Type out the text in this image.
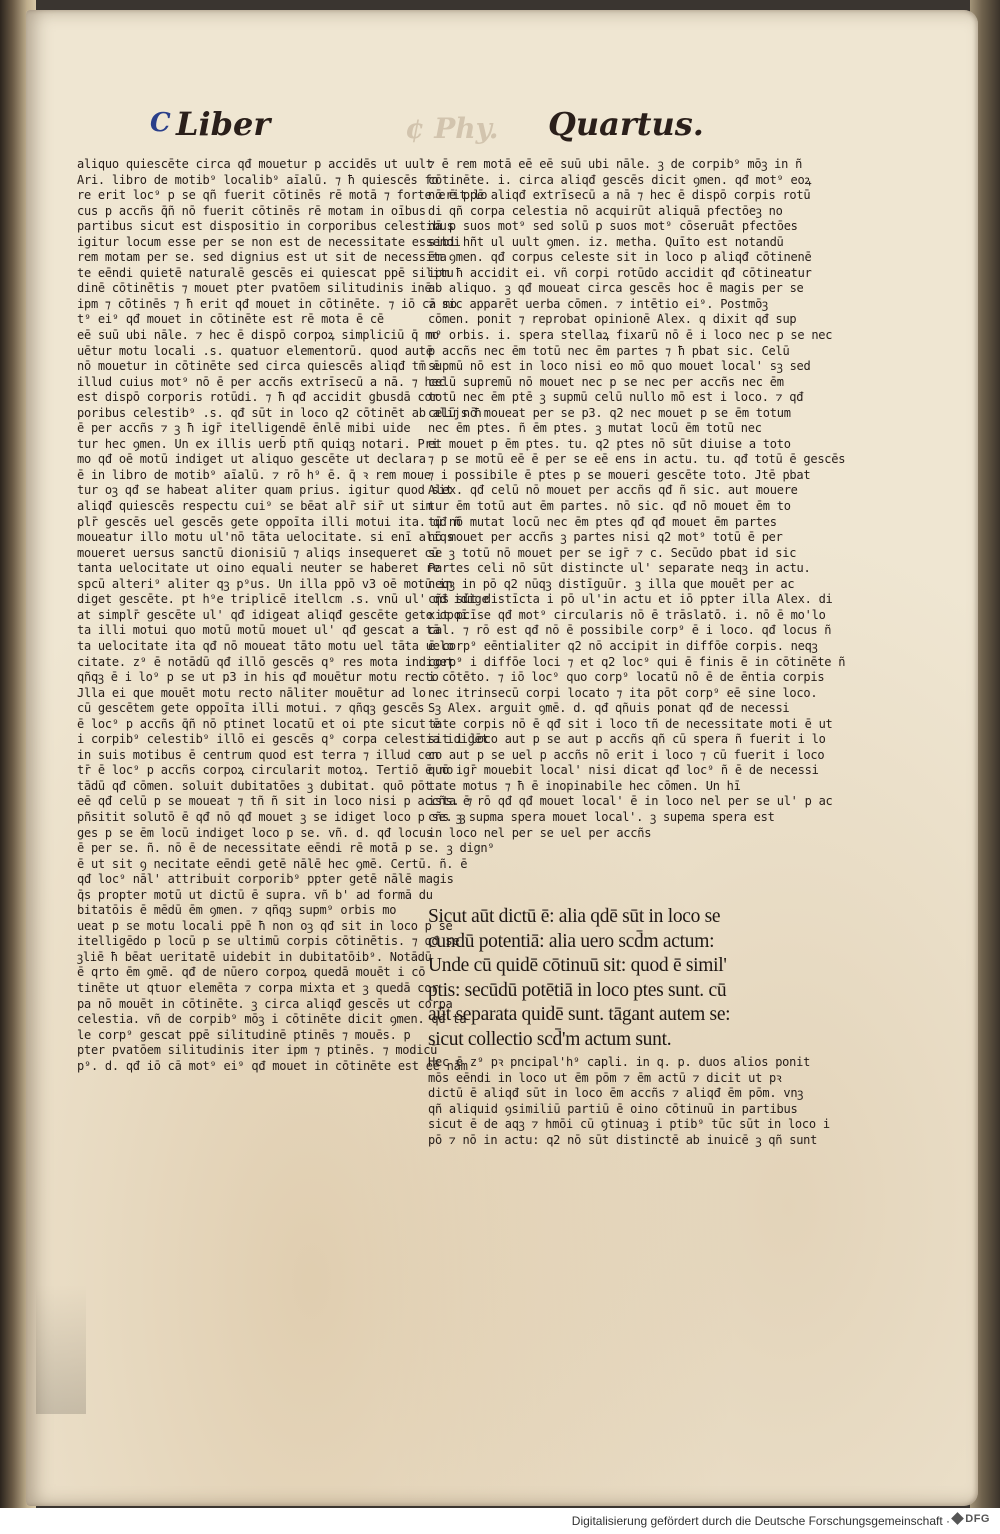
C Liber	¢ Phy. Quartus.
aliquo quiescēte circa qđ mouetur p accidēs ut uult
Ari. libro de motib⁹ localib⁹ aīalū. ⁊ ħ quiescēs fo
re erit loc⁹ p se qñ fuerit cōtinēs rē motā ⁊ forte erit lo
cus p accñs q̄ñ nō fuerit cōtinēs rē motam in oībus
partibus sicut est dispositio in corporibus celestibus
igitur locum esse per se non est de necessitate essendi
rem motam per se. sed dignius est ut sit de necessita
te eēndi quietē naturalē gescēs ei quiescat ppē silitu
dinē cōtinētis ⁊ mouet pter pvatōem silitudinis inē
ipm ⁊ cōtinēs ⁊ ħ erit qđ mouet in cōtinēte. ⁊ iō cā mo
t⁹ ei⁹ qđ mouet in cōtinēte est rē mota ē cē
eē suū ubi nāle. ⁊ hec ē dispō corpoꝝ simpliciū q̄ mo
uētur motu locali .s. quatuor elementorū. quod autē
nō mouetur in cōtinēte sed circa quiescēs aliqđ tm̄ ē
illud cuius mot⁹ nō ē per accñs extrīsecū a nā. ⁊ hec
est dispō corporis rotūdi. ⁊ ħ qđ accidit gbusdā cor
poribus celestib⁹ .s. qđ sūt in loco q2 cōtinēt ab alijs ħ
ē per accñs ⁊ ꝫ ħ igr̄ itelligendē ēnlē mibi uide
tur hec ꝯmen. Un ex illis uerb̄ ptñ quiqꝫ notari. Pri
mo qđ oē motū indiget ut aliquo gescēte ut declara
ē in libro de motib⁹ aīalū. ⁊ rō h⁹ ē. q̄ ꝛ rem moue
tur oꝫ qđ se habeat aliter quam prius. igitur quod sit
aliqđ quiescēs respectu cui⁹ se bēat alr̄ sir̄ ut sim
plr̄ gescēs uel gescēs gete oppoīta illi motui ita. qđ ñ
moueatur illo motu ul'nō tāta uelocitate. si enī aliqs
moueret uersus sanctū dionisiū ⁊ aliqs insequeret cū
tanta uelocitate ut oino equali neuter se haberet re
spcū alteri⁹ aliter qꝫ p⁹us. Un illa ppō v3 oē motū in
diget gescēte. pt h⁹e triplicē itellcm .s. vnū ul' qđ idige
at simplr̄ gescēte ul' qđ idigeat aliqđ gescēte gete opoī
ta illi motui quo motū motū mouet ul' qđ gescat a tā
ta uelocitate ita qđ nō moueat tāto motu uel tāta uelo
citate. z⁹ ē notādū qđ illō gescēs q⁹ res mota indiget
qñqꝫ ē i lo⁹ p se ut p3 in his qđ mouētur motu recto
Jlla ei que mouēt motu recto nāliter mouētur ad lo
cū gescētem gete oppoīta illi motui. ⁊ qñqꝫ gescēs
ē loc⁹ p accñs q̄ñ nō ptinet locatū et oi pte sicut ē
i corpib⁹ celestib⁹ illō ei gescēs q⁹ corpa celestia idigēt
in suis motibus ē centrum quod est terra ⁊ illud cen
tr̄ ē loc⁹ p accñs corpoꝝ circularit motoꝝ. Tertiō ē no
tādū qđ cōmen. soluit dubitatōes ꝫ dubitat. quō pōt
eē qđ celū p se moueat ⁊ tñ ñ sit in loco nisi p accñs. ⁊
pñsitit solutō ē qđ nō qđ mouet ꝫ se idiget loco p se. ꝫ
ges p se ēm locū indiget loco p se. vñ. d. qđ locus
ē per se. ñ. nō ē de necessitate eēndi rē motā p se. ꝫ dign⁹
ē ut sit ꝯ necitate eēndi getē nālē hec ꝯmē. Certū. ñ. ē
qđ loc⁹ nāl' attribuit corporib⁹ ppter getē nālē magis
q̄s propter motū ut dictū ē supra. vñ b' ad formā du
bitatōis ē mēdū ēm ꝯmen. ⁊ qñqꝫ supm⁹ orbis mo
ueat p se motu locali ppē ħ non oꝫ qđ sit in loco p se
itelligēdo p locū p se ultimū corpis cōtinētis. ⁊ qđ se
ꝫliē ħ bēat ueritatē uidebit in dubitatōib⁹. Notādū
ē qrto ēm ꝯmē. qđ de nūero corpoꝝ quedā mouēt i cō
tinēte ut qtuor elemēta ⁊ corpa mixta et ꝫ quedā cor
pa nō mouēt in cōtinēte. ꝫ circa aliqđ gescēs ut corpa
celestia. vñ de corpib⁹ mōꝫ i cōtinēte dicit ꝯmen. qđ ta
le corp⁹ gescat ppē silitudinē ptinēs ⁊ mouēs. p
pter pvatōem silitudinis iter ipm ⁊ ptinēs. ⁊ modicū
p⁹. d. qđ iō cā mot⁹ ei⁹ qđ mouet in cōtinēte est eē nām
⁊ ē rem motā eē eē suū ubi nāle. ꝫ de corpib⁹ mōꝫ in ñ
cōtinēte. i. circa aliqđ gescēs dicit ꝯmen. qđ mot⁹ eoꝝ
nō ē ppē aliqđ extrīsecū a nā ⁊ hec ē dispō corpis rotū
di qñ corpa celestia nō acquirūt aliquā pfectōeꝫ no
nā p suos mot⁹ sed solū p suos mot⁹ cōseruāt pfectōes
sibi hñt ul uult ꝯmen. iz. metha. Quīto est notandū
ēm ꝯmen. qđ corpus celeste sit in loco p aliqđ cōtinenē
ipm ħ accidit ei. vñ corpi rotūdo accidit qđ cōtineatur
ab aliquo. ꝫ qđ moueat circa gescēs hoc ē magis per se
⁊ sic apparēt uerba cōmen. ⁊ intētio ei⁹. Postmōꝫ
cōmen. ponit ⁊ reprobat opinionē Alex. q dixit qđ sup
m⁹ orbis. i. spera stellaꝝ fixarū nō ē i loco nec p se nec
p accñs nec ēm totū nec ēm partes ⁊ ħ pbat sic. Celū
supmū nō est in loco nisi eo mō quo mouet local' sꝫ sed
celū supremū nō mouet nec p se nec per accñs nec ēm
totū nec ēm ptē ꝫ supmū celū nullo mō est i loco. ⁊ qđ
celū nō moueat per se p3. q2 nec mouet p se ēm totum
nec ēm ptes. ñ ēm ptes. ꝫ mutat locū ēm totū nec
et mouet p ēm ptes. tu. q2 ptes nō sūt diuise a toto
⁊ p se motū eē ē per se eē ens in actu. tu. qđ totū ē gescēs
⁊ i possibile ē ptes p se moueri gescēte toto. Jtē pbat
Alex. qđ celū nō mouet per accñs qđ ñ sic. aut mouere
tur ēm totū aut ēm partes. nō sic. qđ nō mouet ēm to
tū nō mutat locū nec ēm ptes qđ qđ mouet ēm partes
nō mouet per accñs ꝫ partes nisi q2 mot⁹ totū ē per
se ꝫ totū nō mouet per se igr̄ ⁊ c. Secūdo pbat id sic
Partes celi nō sūt distincte ul' separate neqꝫ in actu.
neqꝫ in pō q2 nūqꝫ distīguūr. ꝫ illa que mouēt per ac
cñs sūt distīcta i pō ul'in actu et iō ppter illa Alex. di
xit pcīse qđ mot⁹ circularis nō ē trāslatō. i. nō ē mo'lo
cal. ⁊ rō est qđ nō ē possibile corp⁹ ē i loco. qđ locus ñ
ē corp⁹ eēntialiter q2 nō accipit in diffōe corpis. neqꝫ
corp⁹ i diffōe loci ⁊ et q2 loc⁹ qui ē finis ē in cōtinēte ñ
i cōtēto. ⁊ iō loc⁹ quo corp⁹ locatū nō ē de ēntia corpis
nec itrinsecū corpi locato ⁊ ita pōt corp⁹ eē sine loco.
Sꝫ Alex. arguit ꝯmē. d. qđ qñuis ponat qđ de necessi
tate corpis nō ē qđ sit i loco tñ de necessitate moti ē ut
sit i loco aut p se aut p accñs qñ cū spera ñ fuerit i lo
co aut p se uel p accñs nō erit i loco ⁊ cū fuerit i loco
quō igr̄ mouebit local' nisi dicat qđ loc⁹ ñ ē de necessi
tate motus ⁊ ħ ē inopinabile hec cōmen. Un hī
ista ē rō qđ qđ mouet local' ē in loco nel per se ul' p ac
cñs ꝫ supma spera mouet local'. ꝫ supema spera est
in loco nel per se uel per accñs
Sicut aūt dictū ē: alia qdē sūt in loco se
cundū potentiā: alia uero scd̄m actum:
Unde cū quidē cōtinuū sit: quod ē simil'
ptis: secūdū potētiā in loco ptes sunt. cū
aūt separata quidē sunt. tāgant autem se:
sicut collectio scd̄'m actum sunt.
Hec ē z⁹ pꝛ pncipal'h⁹ capli. in q. p. duos alios ponit
mōs eēndi in loco ut ēm pōm ⁊ ēm actū ⁊ dicit ut pꝛ
dictū ē aliqđ sūt in loco ēm accñs ⁊ aliqđ ēm pōm. vnꝫ
qñ aliquid ꝯsimiliū partiū ē oino cōtinuū in partibus
sicut ē de aqꝫ ⁊ hmōi cū ꝯtinuaꝫ i ptib⁹ tūc sūt in loco i
pō ⁊ nō in actu: q2 nō sūt distinctē ab inuicē ꝫ qñ sunt
Digitalisierung gefördert durch die Deutsche Forschungsgemeinschaft ·	DFG
